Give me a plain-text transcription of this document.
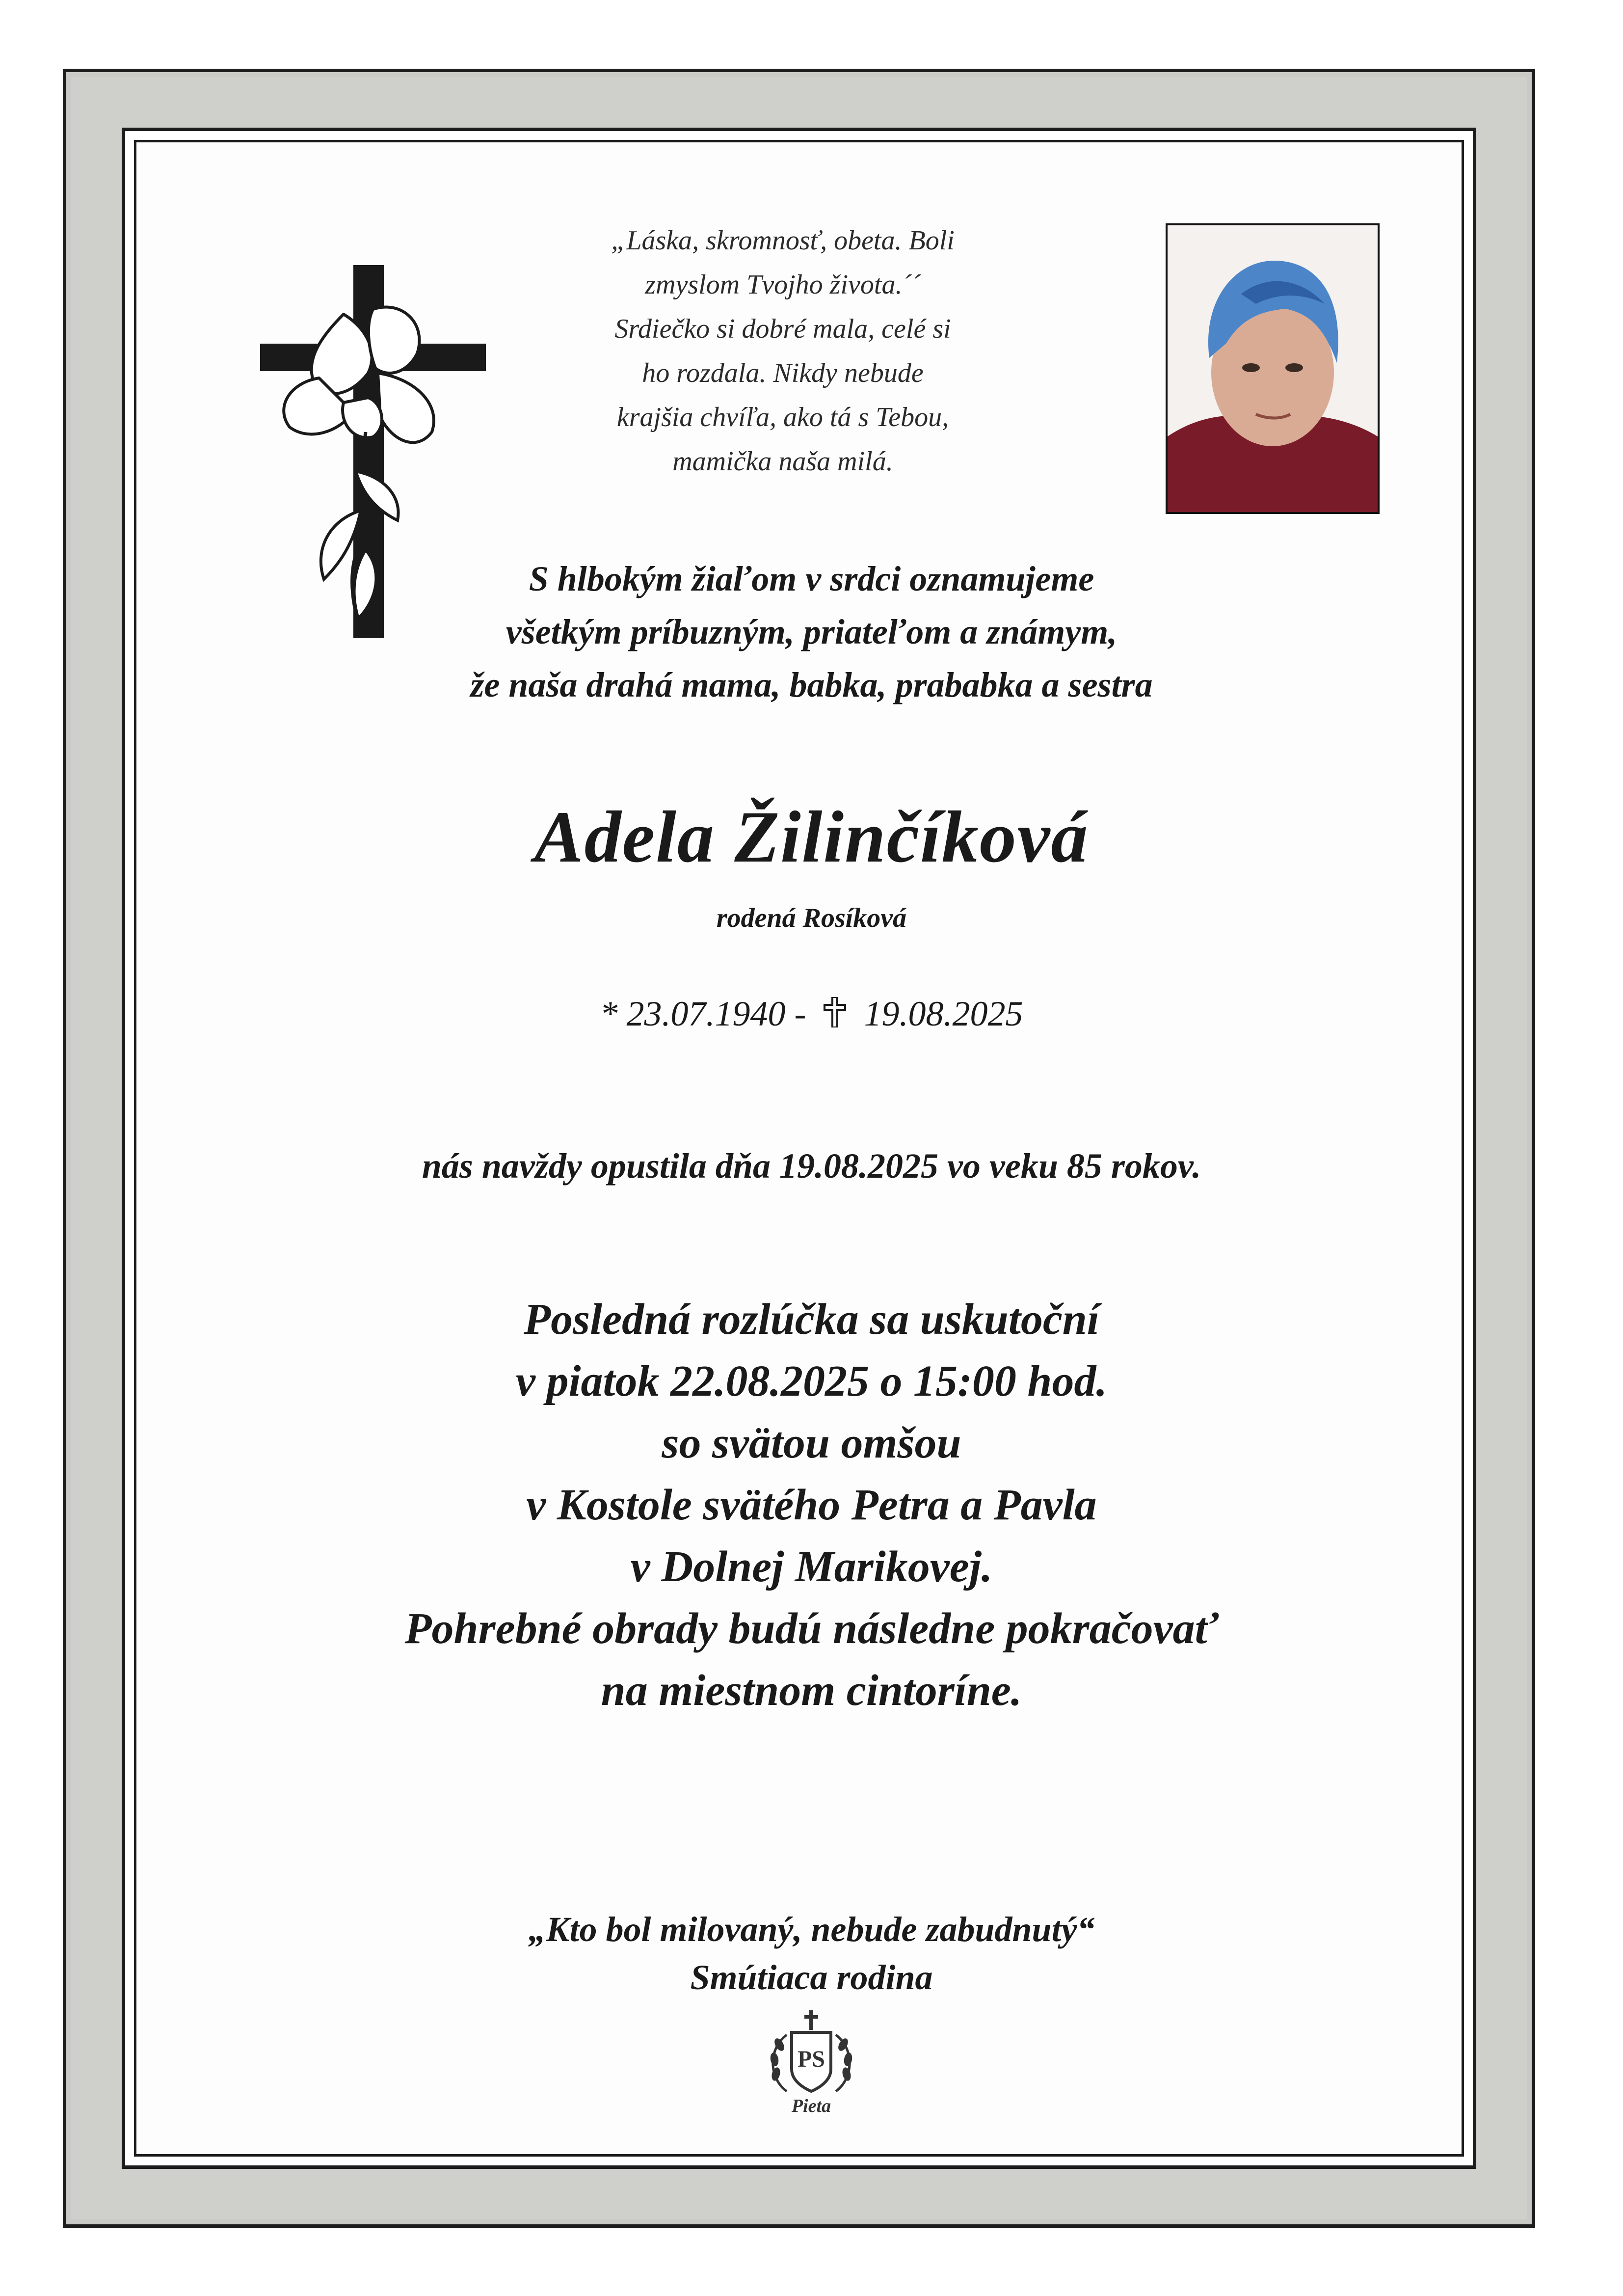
„Láska, skromnosť, obeta. Boli
zmyslom Tvojho života.´´
Srdiečko si dobré mala, celé si
ho rozdala. Nikdy nebude
krajšia chvíľa, ako tá s Tebou,
mamička naša milá.

S hlbokým žiaľom v srdci oznamujeme
všetkým príbuzným, priateľom a známym,
že naša drahá mama, babka, prababka a sestra

Adela Žilinčíková

rodená Rosíková

* 23.07.1940 - 19.08.2025

nás navždy opustila dňa 19.08.2025 vo veku 85 rokov.

Posledná rozlúčka sa uskutoční
v piatok 22.08.2025 o 15:00 hod.
so svätou omšou
v Kostole svätého Petra a Pavla
v Dolnej Marikovej.
Pohrebné obrady budú následne pokračovať
na miestnom cintoríne.

„Kto bol milovaný, nebude zabudnutý“

Smútiaca rodina

PS

Pieta
